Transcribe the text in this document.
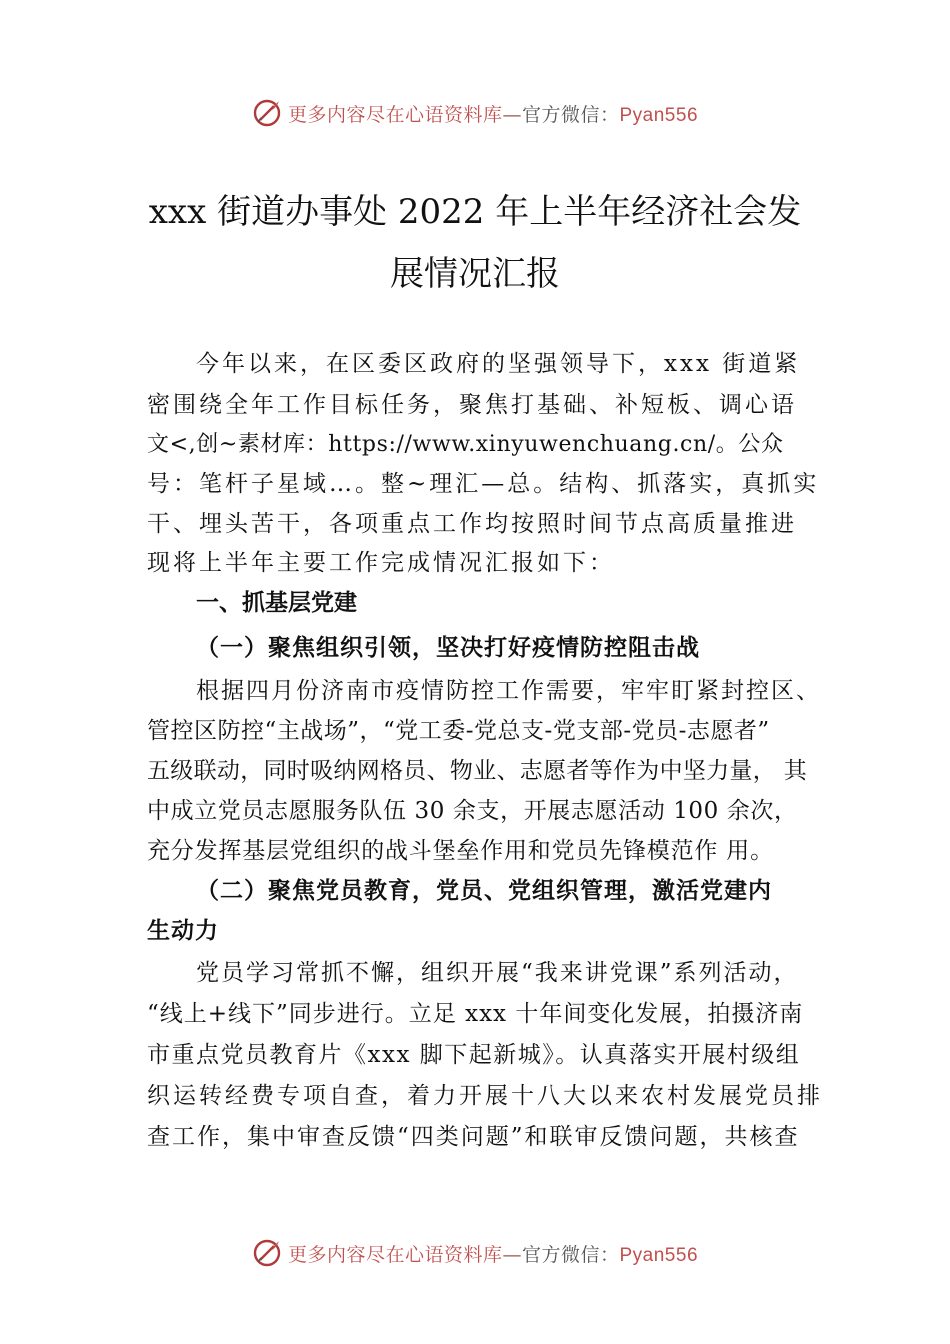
更多内容尽在心语资料库—官方微信：Pyan556
xxx 街道办事处 2022 年上半年经济社会发
展情况汇报
今年以来，在区委区政府的坚强领导下，xxx 街道紧
密围绕全年工作目标任务，聚焦打基础、补短板、调心语
文<,创~素材库：https://www.xinyuwenchuang.cn/。公众
号：笔杆子星域…。整~理汇—总。结构、抓落实，真抓实
干、埋头苦干，各项重点工作均按照时间节点高质量推进
现将上半年主要工作完成情况汇报如下：
一、抓基层党建
（一）聚焦组织引领，坚决打好疫情防控阻击战
根据四月份济南市疫情防控工作需要，牢牢盯紧封控区、
管控区防控“主战场”，“党工委-党总支-党支部-党员-志愿者”
五级联动，同时吸纳网格员、物业、志愿者等作为中坚力量， 其
中成立党员志愿服务队伍 30 余支，开展志愿活动 100 余次，
充分发挥基层党组织的战斗堡垒作用和党员先锋模范作 用。
（二）聚焦党员教育，党员、党组织管理，激活党建内
生动力
党员学习常抓不懈，组织开展“我来讲党课”系列活动，
“线上+线下”同步进行。立足 xxx 十年间变化发展，拍摄济南
市重点党员教育片《xxx 脚下起新城》。认真落实开展村级组
织运转经费专项自查，着力开展十八大以来农村发展党员排
查工作，集中审查反馈“四类问题”和联审反馈问题，共核查
更多内容尽在心语资料库—官方微信：Pyan556
